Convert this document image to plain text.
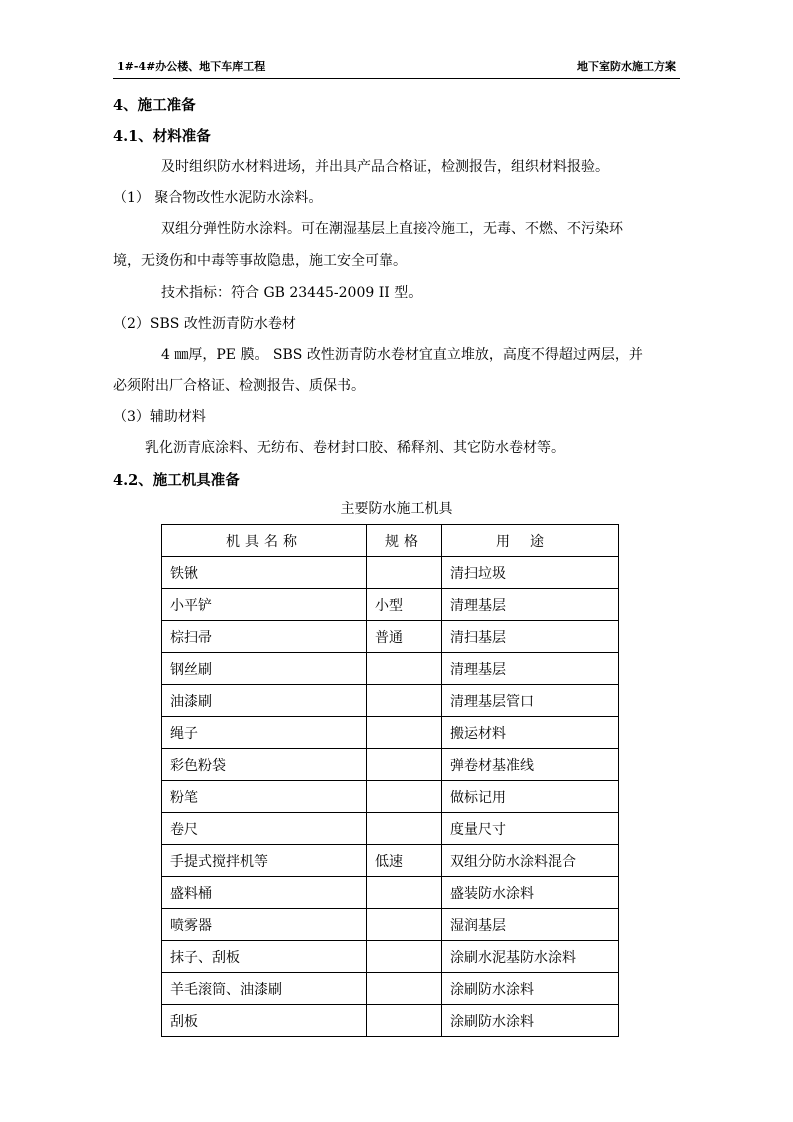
1#-4#办公楼、地下车库工程	地下室防水施工方案
4、施工准备
4.1、材料准备
及时组织防水材料进场，并出具产品合格证，检测报告，组织材料报验。
（1） 聚合物改性水泥防水涂料。
双组分弹性防水涂料。可在潮湿基层上直接冷施工，无毒、不燃、不污染环
境，无烫伤和中毒等事故隐患，施工安全可靠。
技术指标：符合 GB 23445-2009 II 型。
（2）SBS 改性沥青防水卷材
4 ㎜厚，PE 膜。 SBS 改性沥青防水卷材宜直立堆放，高度不得超过两层，并
必须附出厂合格证、检测报告、质保书。
（3）辅助材料
乳化沥青底涂料、无纺布、卷材封口胶、稀释剂、其它防水卷材等。
4.2、施工机具准备
主要防水施工机具
机具名称	规格	用途
铁锹		清扫垃圾
小平铲	小型	清理基层
棕扫帚	普通	清扫基层
钢丝刷		清理基层
油漆刷		清理基层管口
绳子		搬运材料
彩色粉袋		弹卷材基准线
粉笔		做标记用
卷尺		度量尺寸
手提式搅拌机等	低速	双组分防水涂料混合
盛料桶		盛装防水涂料
喷雾器		湿润基层
抹子、刮板		涂刷水泥基防水涂料
羊毛滚筒、油漆刷		涂刷防水涂料
刮板		涂刷防水涂料
